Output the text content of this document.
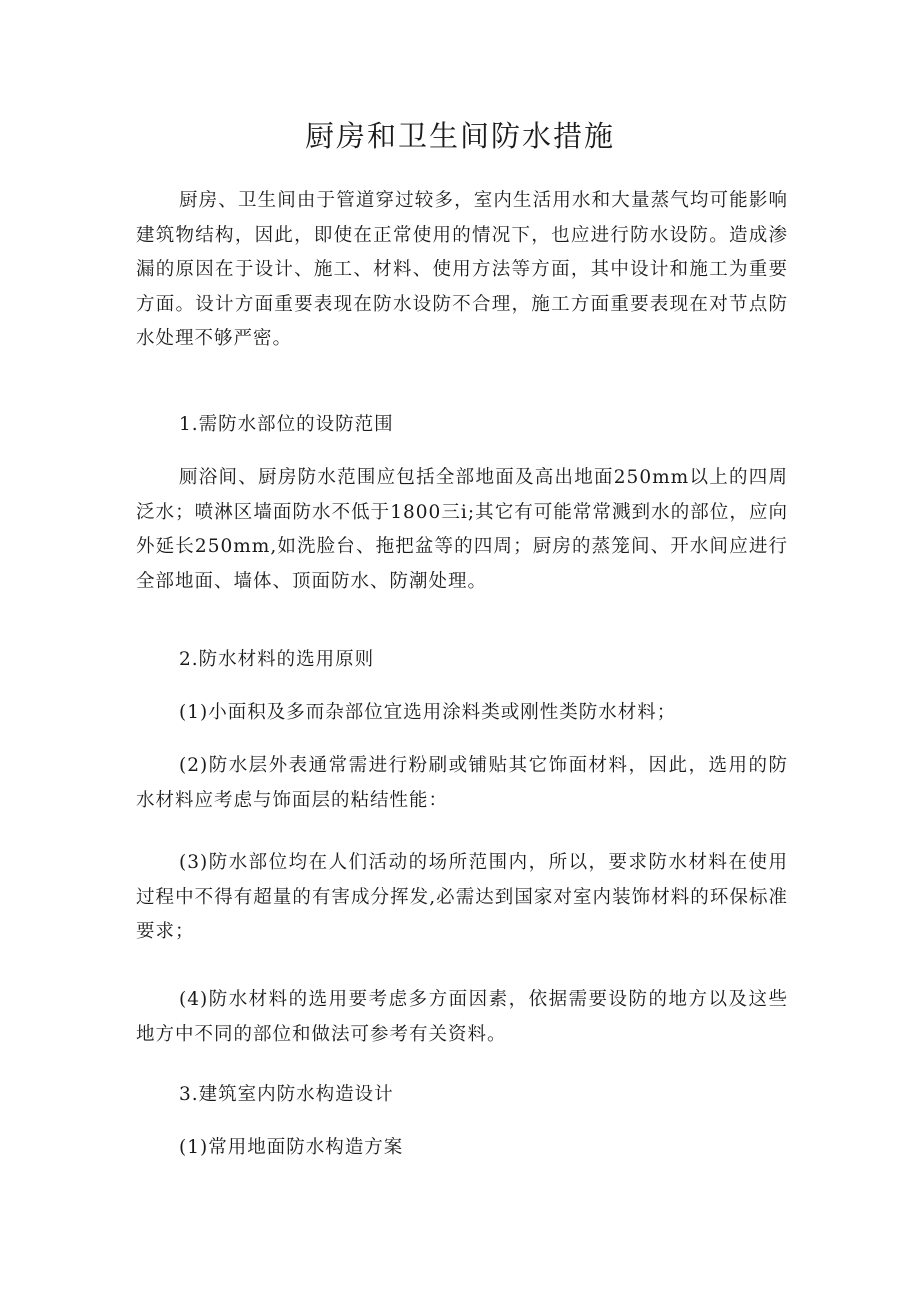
厨房和卫生间防水措施

厨房、卫生间由于管道穿过较多，室内生活用水和大量蒸气均可能影响建筑物结构，因此，即使在正常使用的情况下，也应进行防水设防。造成渗漏的原因在于设计、施工、材料、使用方法等方面，其中设计和施工为重要方面。设计方面重要表现在防水设防不合理，施工方面重要表现在对节点防水处理不够严密。

1.需防水部位的设防范围

厕浴间、厨房防水范围应包括全部地面及高出地面250mm以上的四周泛水；喷淋区墙面防水不低于1800三i;其它有可能常常溅到水的部位，应向外延长250mm,如洗脸台、拖把盆等的四周；厨房的蒸笼间、开水间应进行全部地面、墙体、顶面防水、防潮处理。

2.防水材料的选用原则

(1)小面积及多而杂部位宜选用涂料类或刚性类防水材料；

(2)防水层外表通常需进行粉刷或铺贴其它饰面材料，因此，选用的防水材料应考虑与饰面层的粘结性能：

(3)防水部位均在人们活动的场所范围内，所以，要求防水材料在使用过程中不得有超量的有害成分挥发,必需达到国家对室内装饰材料的环保标准要求；

(4)防水材料的选用要考虑多方面因素，依据需要设防的地方以及这些地方中不同的部位和做法可参考有关资料。

3.建筑室内防水构造设计

(1)常用地面防水构造方案
